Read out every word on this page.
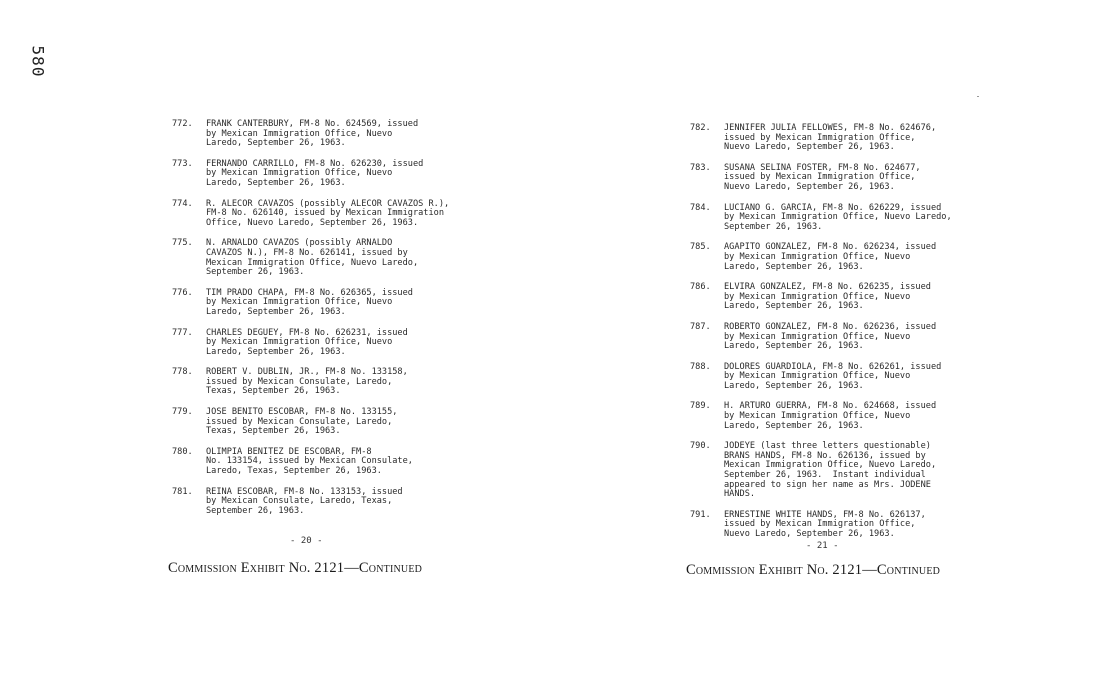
580
772.	FRANK CANTERBURY, FM-8 No. 624569, issued
by Mexican Immigration Office, Nuevo
Laredo, September 26, 1963.
773.	FERNANDO CARRILLO, FM-8 No. 626230, issued
by Mexican Immigration Office, Nuevo
Laredo, September 26, 1963.
774.	R. ALECOR CAVAZOS (possibly ALECOR CAVAZOS R.),
FM-8 No. 626140, issued by Mexican Immigration
Office, Nuevo Laredo, September 26, 1963.
775.	N. ARNALDO CAVAZOS (possibly ARNALDO
CAVAZOS N.), FM-8 No. 626141, issued by
Mexican Immigration Office, Nuevo Laredo,
September 26, 1963.
776.	TIM PRADO CHAPA, FM-8 No. 626365, issued
by Mexican Immigration Office, Nuevo
Laredo, September 26, 1963.
777.	CHARLES DEGUEY, FM-8 No. 626231, issued
by Mexican Immigration Office, Nuevo
Laredo, September 26, 1963.
778.	ROBERT V. DUBLIN, JR., FM-8 No. 133158,
issued by Mexican Consulate, Laredo,
Texas, September 26, 1963.
779.	JOSE BENITO ESCOBAR, FM-8 No. 133155,
issued by Mexican Consulate, Laredo,
Texas, September 26, 1963.
780.	OLIMPIA BENITEZ DE ESCOBAR, FM-8
No. 133154, issued by Mexican Consulate,
Laredo, Texas, September 26, 1963.
781.	REINA ESCOBAR, FM-8 No. 133153, issued
by Mexican Consulate, Laredo, Texas,
September 26, 1963.
- 20 -
Commission Exhibit No. 2121—Continued
782.	JENNIFER JULIA FELLOWES, FM-8 No. 624676,
issued by Mexican Immigration Office,
Nuevo Laredo, September 26, 1963.
783.	SUSANA SELINA FOSTER, FM-8 No. 624677,
issued by Mexican Immigration Office,
Nuevo Laredo, September 26, 1963.
784.	LUCIANO G. GARCIA, FM-8 No. 626229, issued
by Mexican Immigration Office, Nuevo Laredo,
September 26, 1963.
785.	AGAPITO GONZALEZ, FM-8 No. 626234, issued
by Mexican Immigration Office, Nuevo
Laredo, September 26, 1963.
786.	ELVIRA GONZALEZ, FM-8 No. 626235, issued
by Mexican Immigration Office, Nuevo
Laredo, September 26, 1963.
787.	ROBERTO GONZALEZ, FM-8 No. 626236, issued
by Mexican Immigration Office, Nuevo
Laredo, September 26, 1963.
788.	DOLORES GUARDIOLA, FM-8 No. 626261, issued
by Mexican Immigration Office, Nuevo
Laredo, September 26, 1963.
789.	H. ARTURO GUERRA, FM-8 No. 624668, issued
by Mexican Immigration Office, Nuevo
Laredo, September 26, 1963.
790.	JODEYE (last three letters questionable)
BRANS HANDS, FM-8 No. 626136, issued by
Mexican Immigration Office, Nuevo Laredo,
September 26, 1963.  Instant individual
appeared to sign her name as Mrs. JODENE
HANDS.
791.	ERNESTINE WHITE HANDS, FM-8 No. 626137,
issued by Mexican Immigration Office,
Nuevo Laredo, September 26, 1963.
- 21 -
Commission Exhibit No. 2121—Continued
